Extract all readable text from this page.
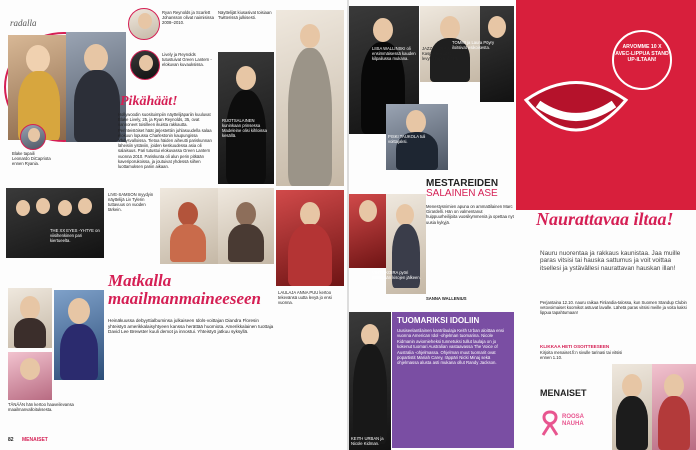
radalla
Ryan Reynolds ja Scarlett Johansson olivat naimisissa 2008–2010.
Lively ja Reynolds tutustuivat Green Lantern -elokuvan kuvauksissa.
Blake tapaili Leonardo DiCapriota ennen Ryania.
Pikähäät!
Hollywoodin suosituimpiin näyttelijäpariin kuuluvat Blake Lively, 25, ja Ryan Reynolds, 35, ovat vannoneet toisilleen ikuista rakkautta. Perinteistöiset häät järjestettiin juhlasuudella salaa elokuun lopussa Charlestonin kaupungissa Yhdysvalloissa. Tietoa häiden aiheutti pariskunnan läheisiin ystäviin, joiden keskuudessa asia oli salaisuus. Pari tutustui elokuvassa Green Lantern vuonna 2010. Pariskunta oli alun perin pitkään kaveriporukoissa, ja joutuivat yhdessä siihen luottamuksen pariin aikaan.
Näyttelijät kiusasivat toisiaan Twitterissä julkisesti.
RUOTSALAINEN kuninkaan prinsessa Madeleine olisi kihloissa kesällä.
THE XX EYES -YHTYE on viisihenkinen pari kiertueelta.
LIVE-SAMSON myydyin näyttelijä Liv Tylerin tuttavuus on vuoden tärkein.
LAULAJA ANNA PUU kertoo tekevänsä uutta levyä jo ensi vuonna.
Matkalla maailmanmaineeseen
Heinäkuussa debyyttialbuminsa julkaiseen Idols-voittajan Diandra Floresin yhteistyö amerikkalaisyhtyeen kanssa herättää huomiota. Amerikkalainen tuottaja David Lee Brewster kuuli demot ja innostui. Yhteistyö jatkuu syksyllä.
TÄNÄÄN hän kertoo haaveilevansa maailmanvalloituksesta.
82 MENAISET
LIISA WALLINSKI oli ensimmäisessä kauden kilpailussa mukana.
JAZZ-LAULAJA Iris Kaspi sai uuden levytyssopimuksen.
TOMMI ja Laura Pöyry iloitsivat esikoisesta.
PISKI TAUKOLA tuli voittajaksi.
MESTAREIDEN
SALAINEN ASE
Menestysnimien apuna on ammattilainen Marc Girardelli. Hän on valmentanut huippuurheilijoita vuosikymmeniä ja opettaa nyt uusia kykyjä.
SANNA WALLENIUS
VINTTIKOIRA pyöri pisimpään kisojen jälkeen.
TUOMARIKSI IDOLIIN
Uusiseelantilainen kantrilaulaja Keith Urban aloittaa ensi vuonna American Idol -ohjelman tuomarina. Nicole Kidmanin aviomieheksi tunnetuksi tullut laulaja on jo kokenut tuomari Australian vastaavassa The Voice of Australia -ohjelmassa. Ohjelman muut tuomarit ovat popartistit Mariah Carey, räppäri Nicki Minaj sekä ohjelmassa alusta asti mukana ollut Randy Jackson.
KEITH URBAN ja Nicole Kidman.
ARVOMME 10 X AVEC-LIPPUA STAND UP-ILTAAN!
Naurattavaa iltaa!
Nauru nuorentaa ja rakkaus kaunistaa. Jaa muille paras vitsisi tai hauska sattumus ja voit voittaa itsellesi ja ystävällesi naurattavan hauskan illan!
Perjantaina 12.10. nauru raikaa Finlandia-talossa, kun Suomen Standup Clubin vetovoimaiset koomikot astuvat lavalle. Lähetä paras vitsisi meille ja voita kaksi lippua tapahtumaan!
KLIKKAA HETI OSOITTEESEEN
Kirjoita menaiset.fi:n sivulle tarinasi tai vitsisi ennen 1.10.
MENAISET
ROOSA NAUHA
